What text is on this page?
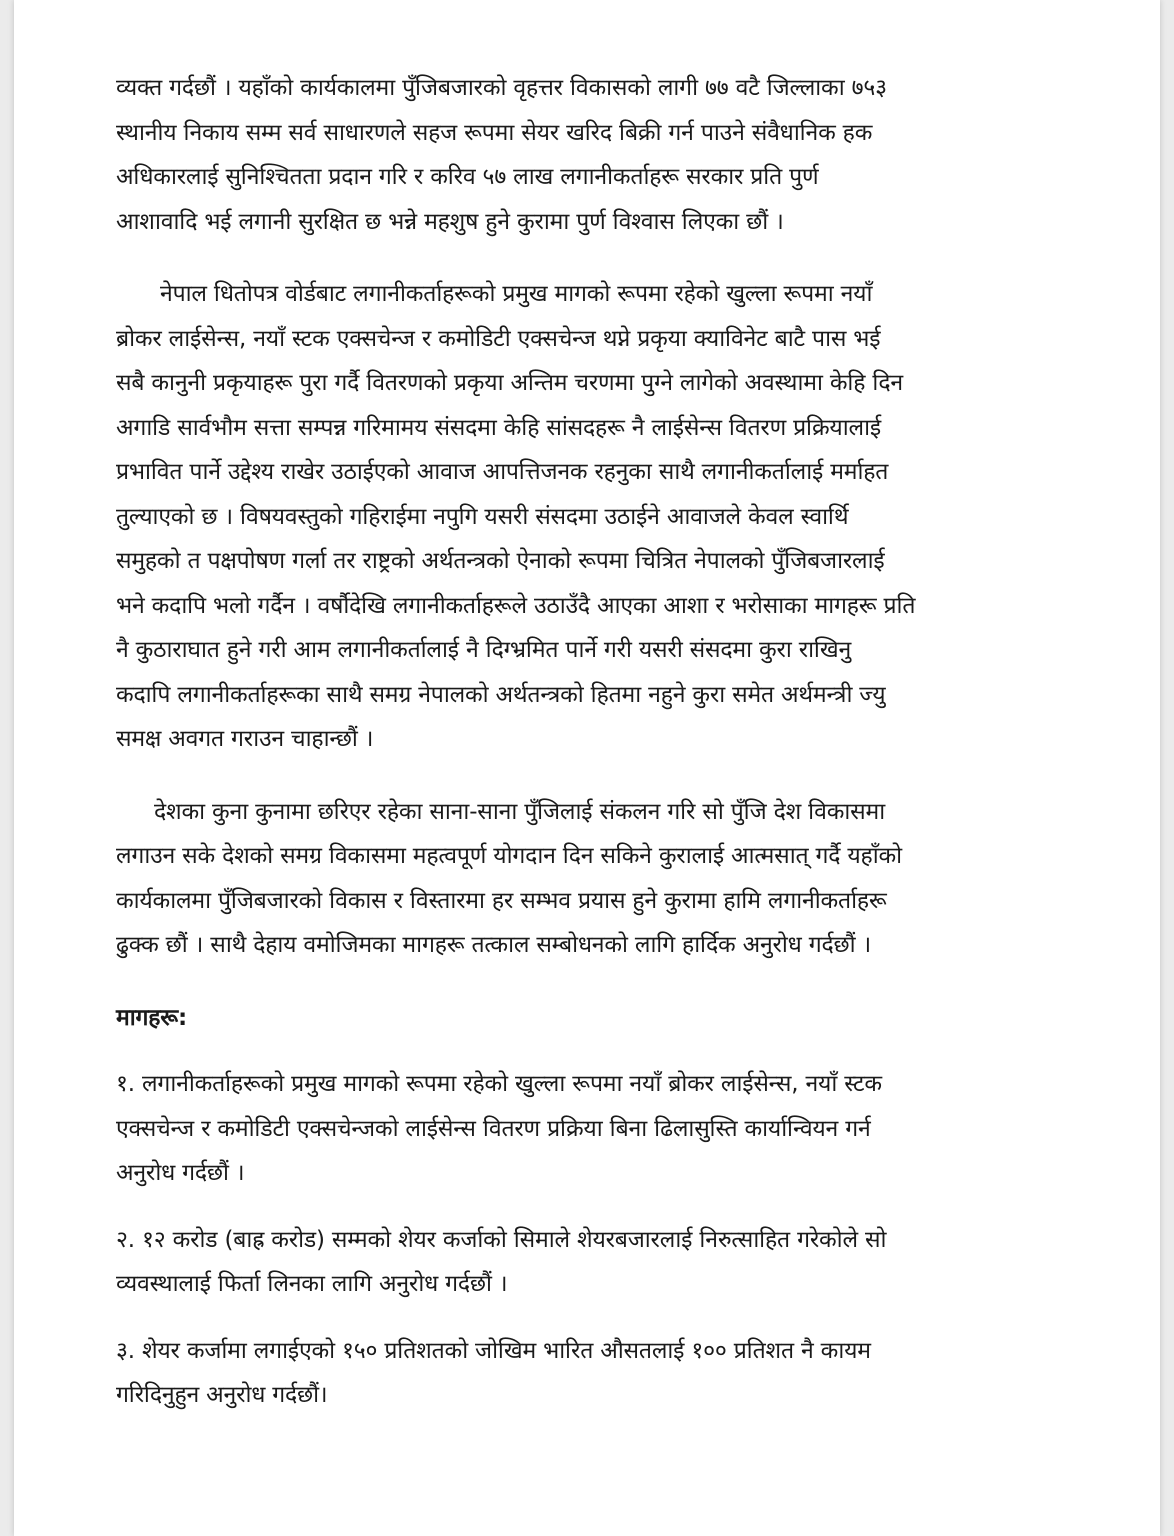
व्यक्त गर्दछौं । यहाँको कार्यकालमा पुँजिबजारको वृहत्तर विकासको लागी ७७ वटै जिल्लाका ७५३
स्थानीय निकाय सम्म सर्व साधारणले सहज रूपमा सेयर खरिद बिक्री गर्न पाउने संवैधानिक हक
अधिकारलाई सुनिश्चितता प्रदान गरि र करिव ५७ लाख लगानीकर्ताहरू सरकार प्रति पुर्ण
आशावादि भई लगानी सुरक्षित छ भन्ने महशुष हुने कुरामा पुर्ण विश्वास लिएका छौं ।
नेपाल धितोपत्र वोर्डबाट लगानीकर्ताहरूको प्रमुख मागको रूपमा रहेको खुल्ला रूपमा नयाँ
ब्रोकर लाईसेन्स, नयाँ स्टक एक्सचेन्ज र कमोडिटी एक्सचेन्ज थप्ने प्रकृया क्याविनेट बाटै पास भई
सबै कानुनी प्रकृयाहरू पुरा गर्दै वितरणको प्रकृया अन्तिम चरणमा पुग्ने लागेको अवस्थामा केहि दिन
अगाडि सार्वभौम सत्ता सम्पन्न गरिमामय संसदमा केहि सांसदहरू नै लाईसेन्स वितरण प्रक्रियालाई
प्रभावित पार्ने उद्देश्य राखेर उठाईएको आवाज आपत्तिजनक रहनुका साथै लगानीकर्तालाई मर्माहत
तुल्याएको छ । विषयवस्तुको गहिराईमा नपुगि यसरी संसदमा उठाईने आवाजले केवल स्वार्थि
समुहको त पक्षपोषण गर्ला तर राष्ट्रको अर्थतन्त्रको ऐनाको रूपमा चित्रित नेपालको पुँजिबजारलाई
भने कदापि भलो गर्दैन । वर्षौदेखि लगानीकर्ताहरूले उठाउँदै आएका आशा र भरोसाका मागहरू प्रति
नै कुठाराघात हुने गरी आम लगानीकर्तालाई नै दिग्भ्रमित पार्ने गरी यसरी संसदमा कुरा राखिनु
कदापि लगानीकर्ताहरूका साथै समग्र नेपालको अर्थतन्त्रको हितमा नहुने कुरा समेत अर्थमन्त्री ज्यु
समक्ष अवगत गराउन चाहान्छौं ।
देशका कुना कुनामा छरिएर रहेका साना-साना पुँजिलाई संकलन गरि सो पुँजि देश विकासमा
लगाउन सके देशको समग्र विकासमा महत्वपूर्ण योगदान दिन सकिने कुरालाई आत्मसात् गर्दै यहाँको
कार्यकालमा पुँजिबजारको विकास र विस्तारमा हर सम्भव प्रयास हुने कुरामा हामि लगानीकर्ताहरू
ढुक्क छौं । साथै देहाय वमोजिमका मागहरू तत्काल सम्बोधनको लागि हार्दिक अनुरोध गर्दछौं ।
मागहरू:
१. लगानीकर्ताहरूको प्रमुख मागको रूपमा रहेको खुल्ला रूपमा नयाँ ब्रोकर लाईसेन्स, नयाँ स्टक
एक्सचेन्ज र कमोडिटी एक्सचेन्जको लाईसेन्स वितरण प्रक्रिया बिना ढिलासुस्ति कार्यान्वियन गर्न
अनुरोध गर्दछौं ।
२. १२ करोड (बाह्र करोड) सम्मको शेयर कर्जाको सिमाले शेयरबजारलाई निरुत्साहित गरेकोले सो
व्यवस्थालाई फिर्ता लिनका लागि अनुरोध गर्दछौं ।
३. शेयर कर्जामा लगाईएको १५० प्रतिशतको जोखिम भारित औसतलाई १०० प्रतिशत नै कायम
गरिदिनुहुन अनुरोध गर्दछौं।
